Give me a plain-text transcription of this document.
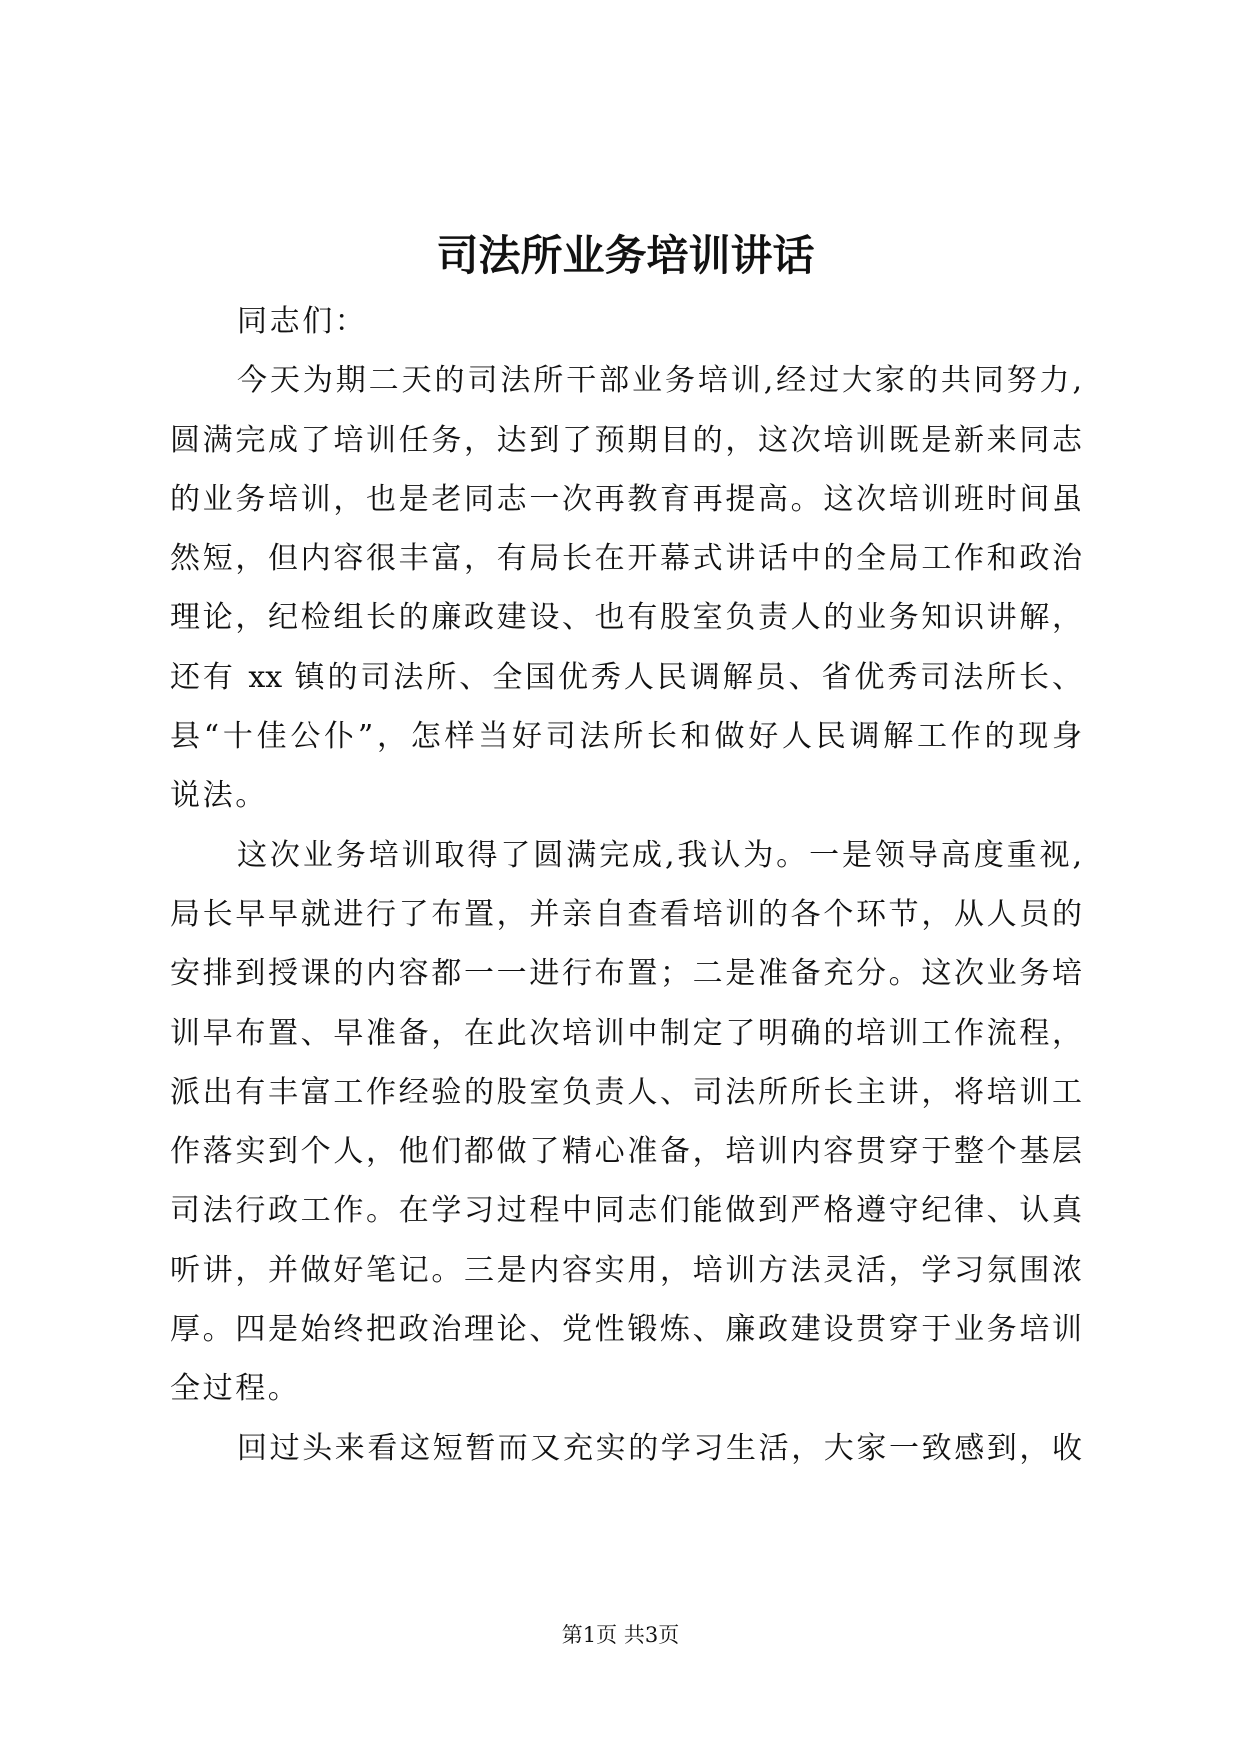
司法所业务培训讲话
同志们：
今天为期二天的司法所干部业务培训,经过大家的共同努力,
圆满完成了培训任务，达到了预期目的，这次培训既是新来同志
的业务培训，也是老同志一次再教育再提高。这次培训班时间虽
然短，但内容很丰富，有局长在开幕式讲话中的全局工作和政治
理论，纪检组长的廉政建设、也有股室负责人的业务知识讲解，
还有 xx 镇的司法所、全国优秀人民调解员、省优秀司法所长、
县“十佳公仆”，怎样当好司法所长和做好人民调解工作的现身
说法。
这次业务培训取得了圆满完成,我认为。一是领导高度重视,
局长早早就进行了布置，并亲自查看培训的各个环节，从人员的
安排到授课的内容都一一进行布置；二是准备充分。这次业务培
训早布置、早准备，在此次培训中制定了明确的培训工作流程，
派出有丰富工作经验的股室负责人、司法所所长主讲，将培训工
作落实到个人，他们都做了精心准备，培训内容贯穿于整个基层
司法行政工作。在学习过程中同志们能做到严格遵守纪律、认真
听讲，并做好笔记。三是内容实用，培训方法灵活，学习氛围浓
厚。四是始终把政治理论、党性锻炼、廉政建设贯穿于业务培训
全过程。
回过头来看这短暂而又充实的学习生活，大家一致感到，收
第1页 共3页
